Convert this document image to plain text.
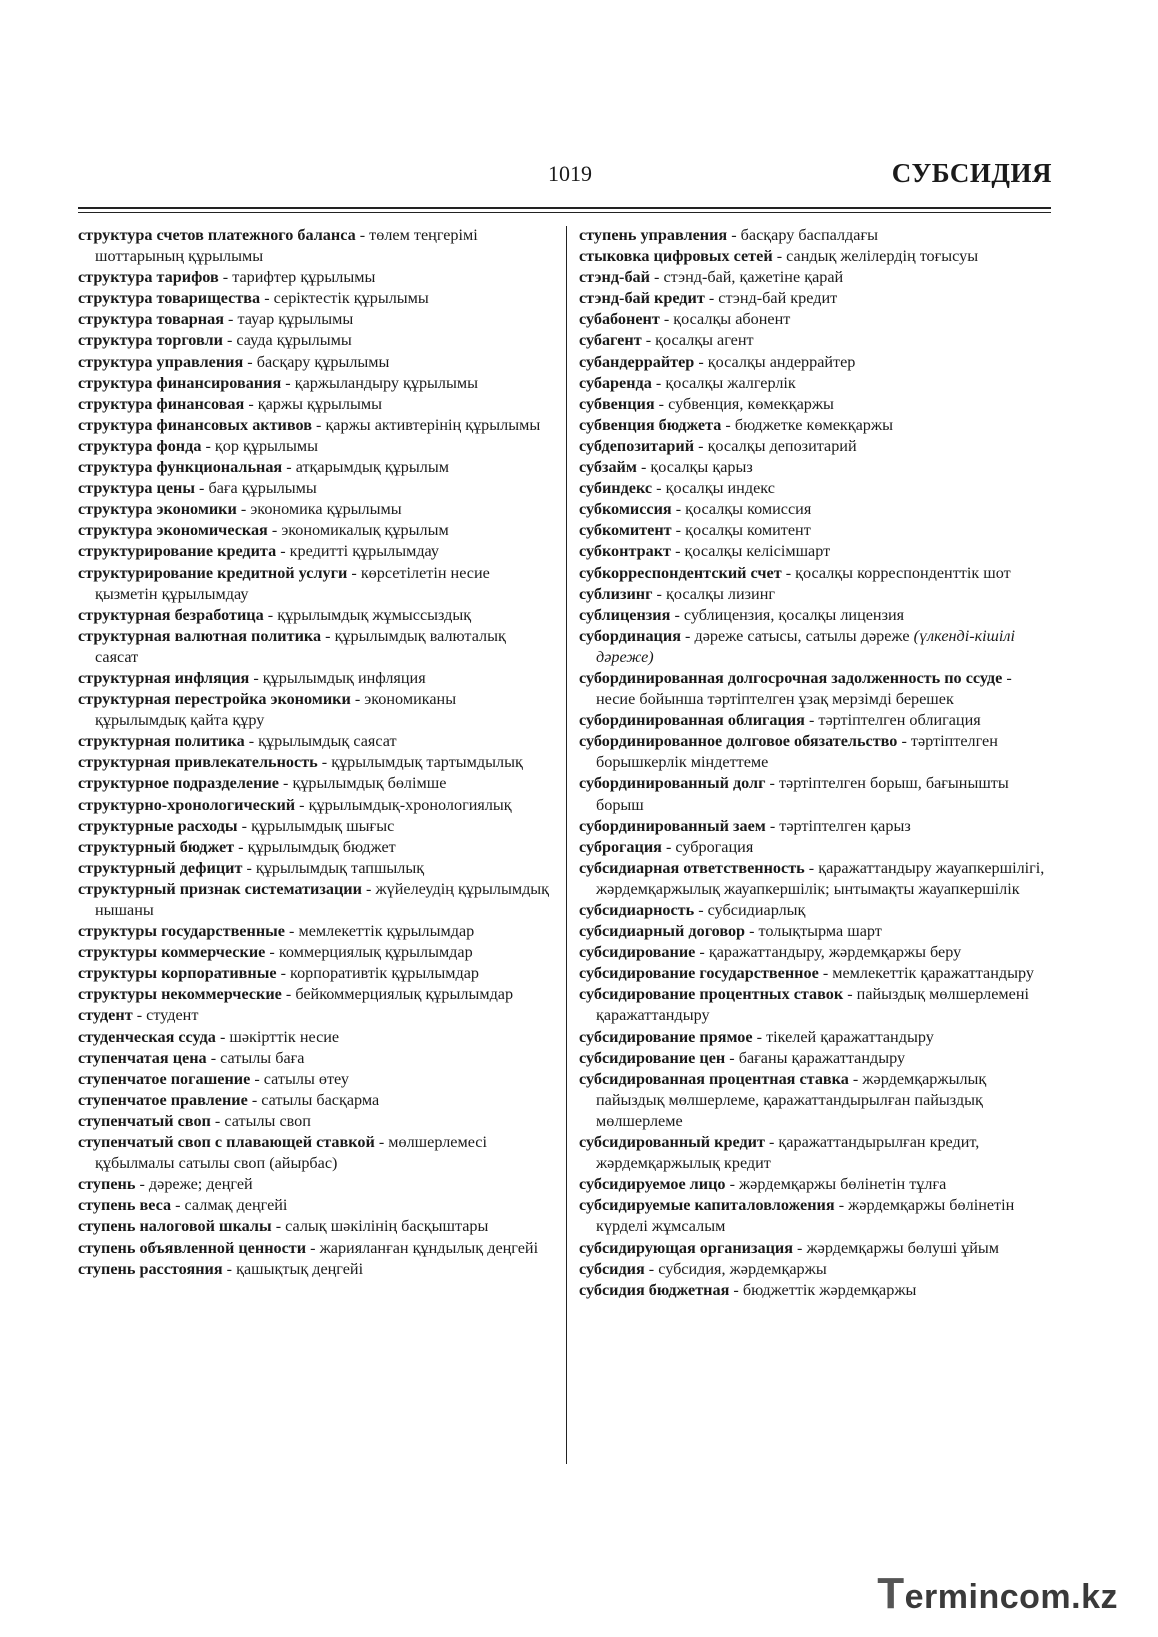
1019	СУБСИДИЯ
структура счетов платежного баланса - төлем теңгерімі шоттарының құрылымы
структура тарифов - тарифтер құрылымы
структура товарищества - серіктестік құрылымы
структура товарная - тауар құрылымы
структура торговли - сауда құрылымы
структура управления - басқару құрылымы
структура финансирования - қаржыландыру құрылымы
структура финансовая - қаржы құрылымы
структура финансовых активов - қаржы активтерінің құрылымы
структура фонда - қор құрылымы
структура функциональная - атқарымдық құрылым
структура цены - баға құрылымы
структура экономики - экономика құрылымы
структура экономическая - экономикалық құрылым
структурирование кредита - кредитті құрылымдау
структурирование кредитной услуги - көрсетілетін несие қызметін құрылымдау
структурная безработица - құрылымдық жұмыссыздық
структурная валютная политика - құрылымдық валюталық саясат
структурная инфляция - құрылымдық инфляция
структурная перестройка экономики - экономиканы құрылымдық қайта құру
структурная политика - құрылымдық саясат
структурная привлекательность - құрылымдық тартымдылық
структурное подразделение - құрылымдық бөлімше
структурно-хронологический - құрылымдық-хронологиялық
структурные расходы - құрылымдық шығыс
структурный бюджет - құрылымдық бюджет
структурный дефицит - құрылымдық тапшылық
структурный признак систематизации - жүйелеудің құрылымдық нышаны
структуры государственные - мемлекеттік құрылымдар
структуры коммерческие - коммерциялық құрылымдар
структуры корпоративные - корпоративтік құрылымдар
структуры некоммерческие - бейкоммерциялық құрылымдар
студент - студент
студенческая ссуда - шәкірттік несие
ступенчатая цена - сатылы баға
ступенчатое погашение - сатылы өтеу
ступенчатое правление - сатылы басқарма
ступенчатый своп - сатылы своп
ступенчатый своп с плавающей ставкой - мөлшерлемесі құбылмалы сатылы своп (айырбас)
ступень - дәреже; деңгей
ступень веса - салмақ деңгейі
ступень налоговой шкалы - салық шәкілінің басқыштары
ступень объявленной ценности - жарияланған құндылық деңгейі
ступень расстояния - қашықтық деңгейі
ступень управления - басқару баспалдағы
стыковка цифровых сетей - сандық желілердің тоғысуы
стэнд-бай - стэнд-бай, қажетіне қарай
стэнд-бай кредит - стэнд-бай кредит
субабонент - қосалқы абонент
субагент - қосалқы агент
субандеррайтер - қосалқы андеррайтер
субаренда - қосалқы жалгерлік
субвенция - субвенция, көмекқаржы
субвенция бюджета - бюджетке көмекқаржы
субдепозитарий - қосалқы депозитарий
субзайм - қосалқы қарыз
субиндекс - қосалқы индекс
субкомиссия - қосалқы комиссия
субкомитент - қосалқы комитент
субконтракт - қосалқы келісімшарт
субкорреспондентский счет - қосалқы корреспонденттік шот
сублизинг - қосалқы лизинг
сублицензия - сублицензия, қосалқы лицензия
субординация - дәреже сатысы, сатылы дәреже (үлкенді-кішілі дәреже)
субординированная долгосрочная задолженность по ссуде - несие бойынша тәртіптелген ұзақ мерзімді берешек
субординированная облигация - тәртіптелген облигация
субординированное долговое обязательство - тәртіптелген борышкерлік міндеттеме
субординированный долг - тәртіптелген борыш, бағынышты борыш
субординированный заем - тәртіптелген қарыз
суброгация - суброгация
субсидиарная ответственность - қаражаттандыру жауапкершілігі, жәрдемқаржылық жауапкершілік; ынтымақты жауапкершілік
субсидиарность - субсидиарлық
субсидиарный договор - толықтырма шарт
субсидирование - қаражаттандыру, жәрдемқаржы беру
субсидирование государственное - мемлекеттік қаражаттандыру
субсидирование процентных ставок - пайыздық мөлшерлемені қаражаттандыру
субсидирование прямое - тікелей қаражаттандыру
субсидирование цен - бағаны қаражаттандыру
субсидированная процентная ставка - жәрдемқаржылық пайыздық мөлшерлеме, қаражаттандырылған пайыздық мөлшерлеме
субсидированный кредит - қаражаттандырылған кредит, жәрдемқаржылық кредит
субсидируемое лицо - жәрдемқаржы бөлінетін тұлға
субсидируемые капиталовложения - жәрдемқаржы бөлінетін күрделі жұмсалым
субсидирующая организация - жәрдемқаржы бөлуші ұйым
субсидия - субсидия, жәрдемқаржы
субсидия бюджетная - бюджеттік жәрдемқаржы
Termincom.kz
